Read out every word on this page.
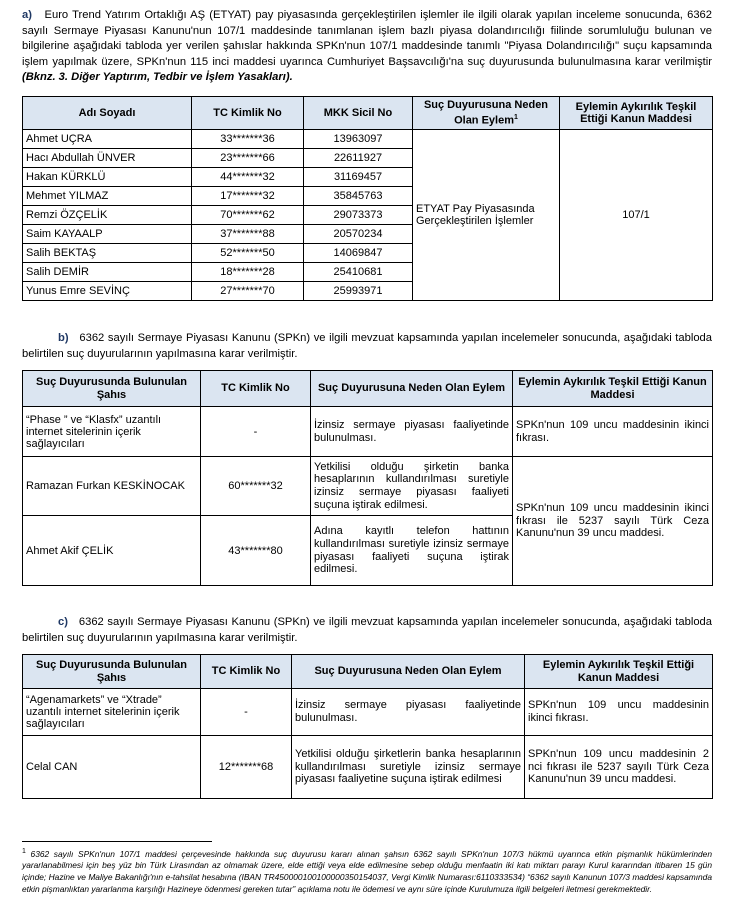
a) Euro Trend Yatırım Ortaklığı AŞ (ETYAT) pay piyasasında gerçekleştirilen işlemler ile ilgili olarak yapılan inceleme sonucunda, 6362 sayılı Sermaye Piyasası Kanunu'nun 107/1 maddesinde tanımlanan işlem bazlı piyasa dolandırıcılığı fiilinde sorumluluğu bulunan ve bilgilerine aşağıdaki tabloda yer verilen şahıslar hakkında SPKn'nun 107/1 maddesinde tanımlı "Piyasa Dolandırıcılığı" suçu kapsamında işlem yapılmak üzere, SPKn'nun 115 inci maddesi uyarınca Cumhuriyet Başsavcılığı'na suç duyurusunda bulunulmasına karar verilmiştir (Bknz. 3. Diğer Yaptırım, Tedbir ve İşlem Yasakları).
Adı Soyadı	TC Kimlik No	MKK Sicil No	Suç Duyurusuna Neden Olan Eylem$^1$	Eylemin Aykırılık Teşkil Ettiği Kanun Maddesi
Ahmet UÇRA	33*******36	13963097	ETYAT Pay Piyasasında Gerçekleştirilen İşlemler	107/1
Hacı Abdullah ÜNVER	23*******66	22611927		
Hakan KÜRKLÜ	44*******32	31169457		
Mehmet YILMAZ	17*******32	35845763		
Remzi ÖZÇELİK	70*******62	29073373		
Saim KAYAALP	37*******88	20570234		
Salih BEKTAŞ	52*******50	14069847		
Salih DEMİR	18*******28	25410681		
Yunus Emre SEVİNÇ	27*******70	25993971		
b) 6362 sayılı Sermaye Piyasası Kanunu (SPKn) ve ilgili mevzuat kapsamında yapılan incelemeler sonucunda, aşağıdaki tabloda belirtilen suç duyurularının yapılmasına karar verilmiştir.
Suç Duyurusunda Bulunulan Şahıs	TC Kimlik No	Suç Duyurusuna Neden Olan Eylem	Eylemin Aykırılık Teşkil Ettiği Kanun Maddesi
“Phase ” ve “Klasfx” uzantılı internet sitelerinin içerik sağlayıcıları	-	İzinsiz sermaye piyasası faaliyetinde bulunulması.	SPKn'nun 109 uncu maddesinin ikinci fıkrası.
Ramazan Furkan KESKİNOCAK	60*******32	Yetkilisi olduğu şirketin banka hesaplarının kullandırılması suretiyle izinsiz sermaye piyasası faaliyeti suçuna iştirak edilmesi.	SPKn'nun 109 uncu maddesinin ikinci fıkrası ile 5237 sayılı Türk Ceza Kanunu'nun 39 uncu maddesi.
Ahmet Akif ÇELİK	43*******80	Adına kayıtlı telefon hattının kullandırılması suretiyle izinsiz sermaye piyasası faaliyeti suçuna iştirak edilmesi.	
c) 6362 sayılı Sermaye Piyasası Kanunu (SPKn) ve ilgili mevzuat kapsamında yapılan incelemeler sonucunda, aşağıdaki tabloda belirtilen suç duyurularının yapılmasına karar verilmiştir.
Suç Duyurusunda Bulunulan Şahıs	TC Kimlik No	Suç Duyurusuna Neden Olan Eylem	Eylemin Aykırılık Teşkil Ettiği Kanun Maddesi
“Agenamarkets” ve “Xtrade” uzantılı internet sitelerinin içerik sağlayıcıları	-	İzinsiz sermaye piyasası faaliyetinde bulunulması.	SPKn'nun 109 uncu maddesinin ikinci fıkrası.
Celal CAN	12*******68	Yetkilisi olduğu şirketlerin banka hesaplarının kullandırılması suretiyle izinsiz sermaye piyasası faaliyetine suçuna iştirak edilmesi	SPKn'nun 109 uncu maddesinin 2 nci fıkrası ile 5237 sayılı Türk Ceza Kanunu'nun 39 uncu maddesi.
$^1$ 6362 sayılı SPKn'nun 107/1 maddesi çerçevesinde hakkında suç duyurusu kararı alınan şahsın 6362 sayılı SPKn'nun 107/3 hükmü uyarınca etkin pişmanlık hükümlerinden yararlanabilmesi için beş yüz bin Türk Lirasından az olmamak üzere, elde ettiği veya elde edilmesine sebep olduğu menfaatin iki katı miktarı parayı Kurul kararından itibaren 15 gün içinde; Hazine ve Maliye Bakanlığı'nın e-tahsilat hesabına (IBAN TR450000100100000350154037, Vergi Kimlik Numarası:6110333534) “6362 sayılı Kanunun 107/3 maddesi kapsamında etkin pişmanlıktan yararlanma karşılığı Hazineye ödenmesi gereken tutar” açıklama notu ile ödemesi ve aynı süre içinde Kurulumuza ilgili belgeleri iletmesi gerekmektedir.
